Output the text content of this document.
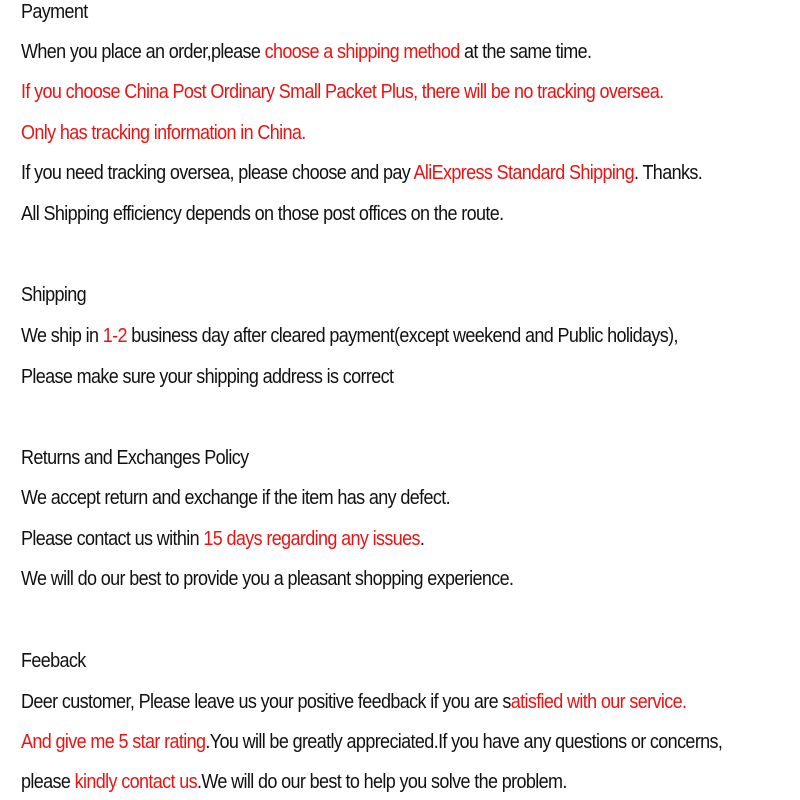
Payment
When you place an order,please choose a shipping method at the same time.
If you choose China Post Ordinary Small Packet Plus, there will be no tracking oversea.
Only has tracking information in China.
If you need tracking oversea, please choose and pay AliExpress Standard Shipping. Thanks.
All Shipping efficiency depends on those post offices on the route.
Shipping
We ship in 1-2 business day after cleared payment(except weekend and Public holidays),
Please make sure your shipping address is correct
Returns and Exchanges Policy
We accept return and exchange if the item has any defect.
Please contact us within 15 days regarding any issues.
We will do our best to provide you a pleasant shopping experience.
Feeback
Deer customer, Please leave us your positive feedback if you are satisfied with our service.
And give me 5 star rating.You will be greatly appreciated.If you have any questions or concerns,
please kindly contact us.We will do our best to help you solve the problem.
